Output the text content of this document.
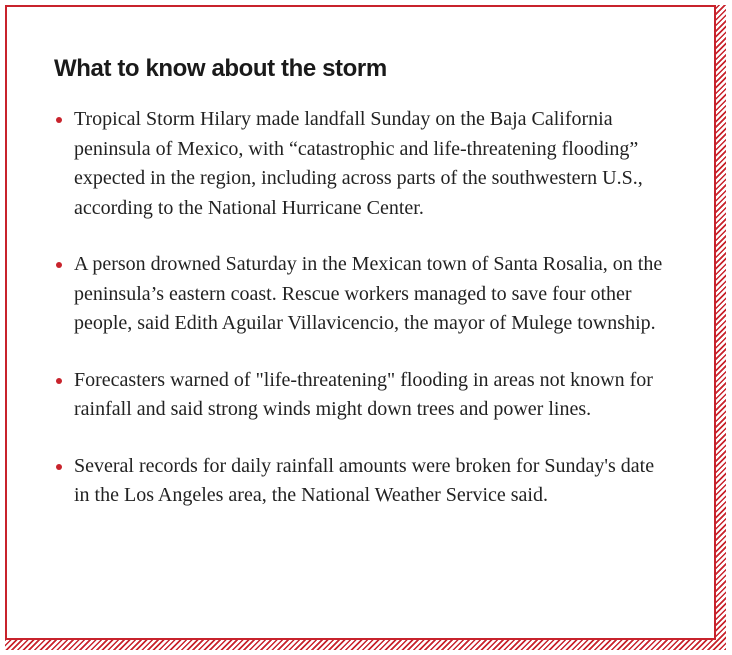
What to know about the storm
Tropical Storm Hilary made landfall Sunday on the Baja California peninsula of Mexico, with “catastrophic and life-threatening flooding” expected in the region, including across parts of the southwestern U.S., according to the National Hurricane Center.
A person drowned Saturday in the Mexican town of Santa Rosalia, on the peninsula’s eastern coast. Rescue workers managed to save four other people, said Edith Aguilar Villavicencio, the mayor of Mulege township.
Forecasters warned of "life-threatening" flooding in areas not known for rainfall and said strong winds might down trees and power lines.
Several records for daily rainfall amounts were broken for Sunday's date in the Los Angeles area, the National Weather Service said.
